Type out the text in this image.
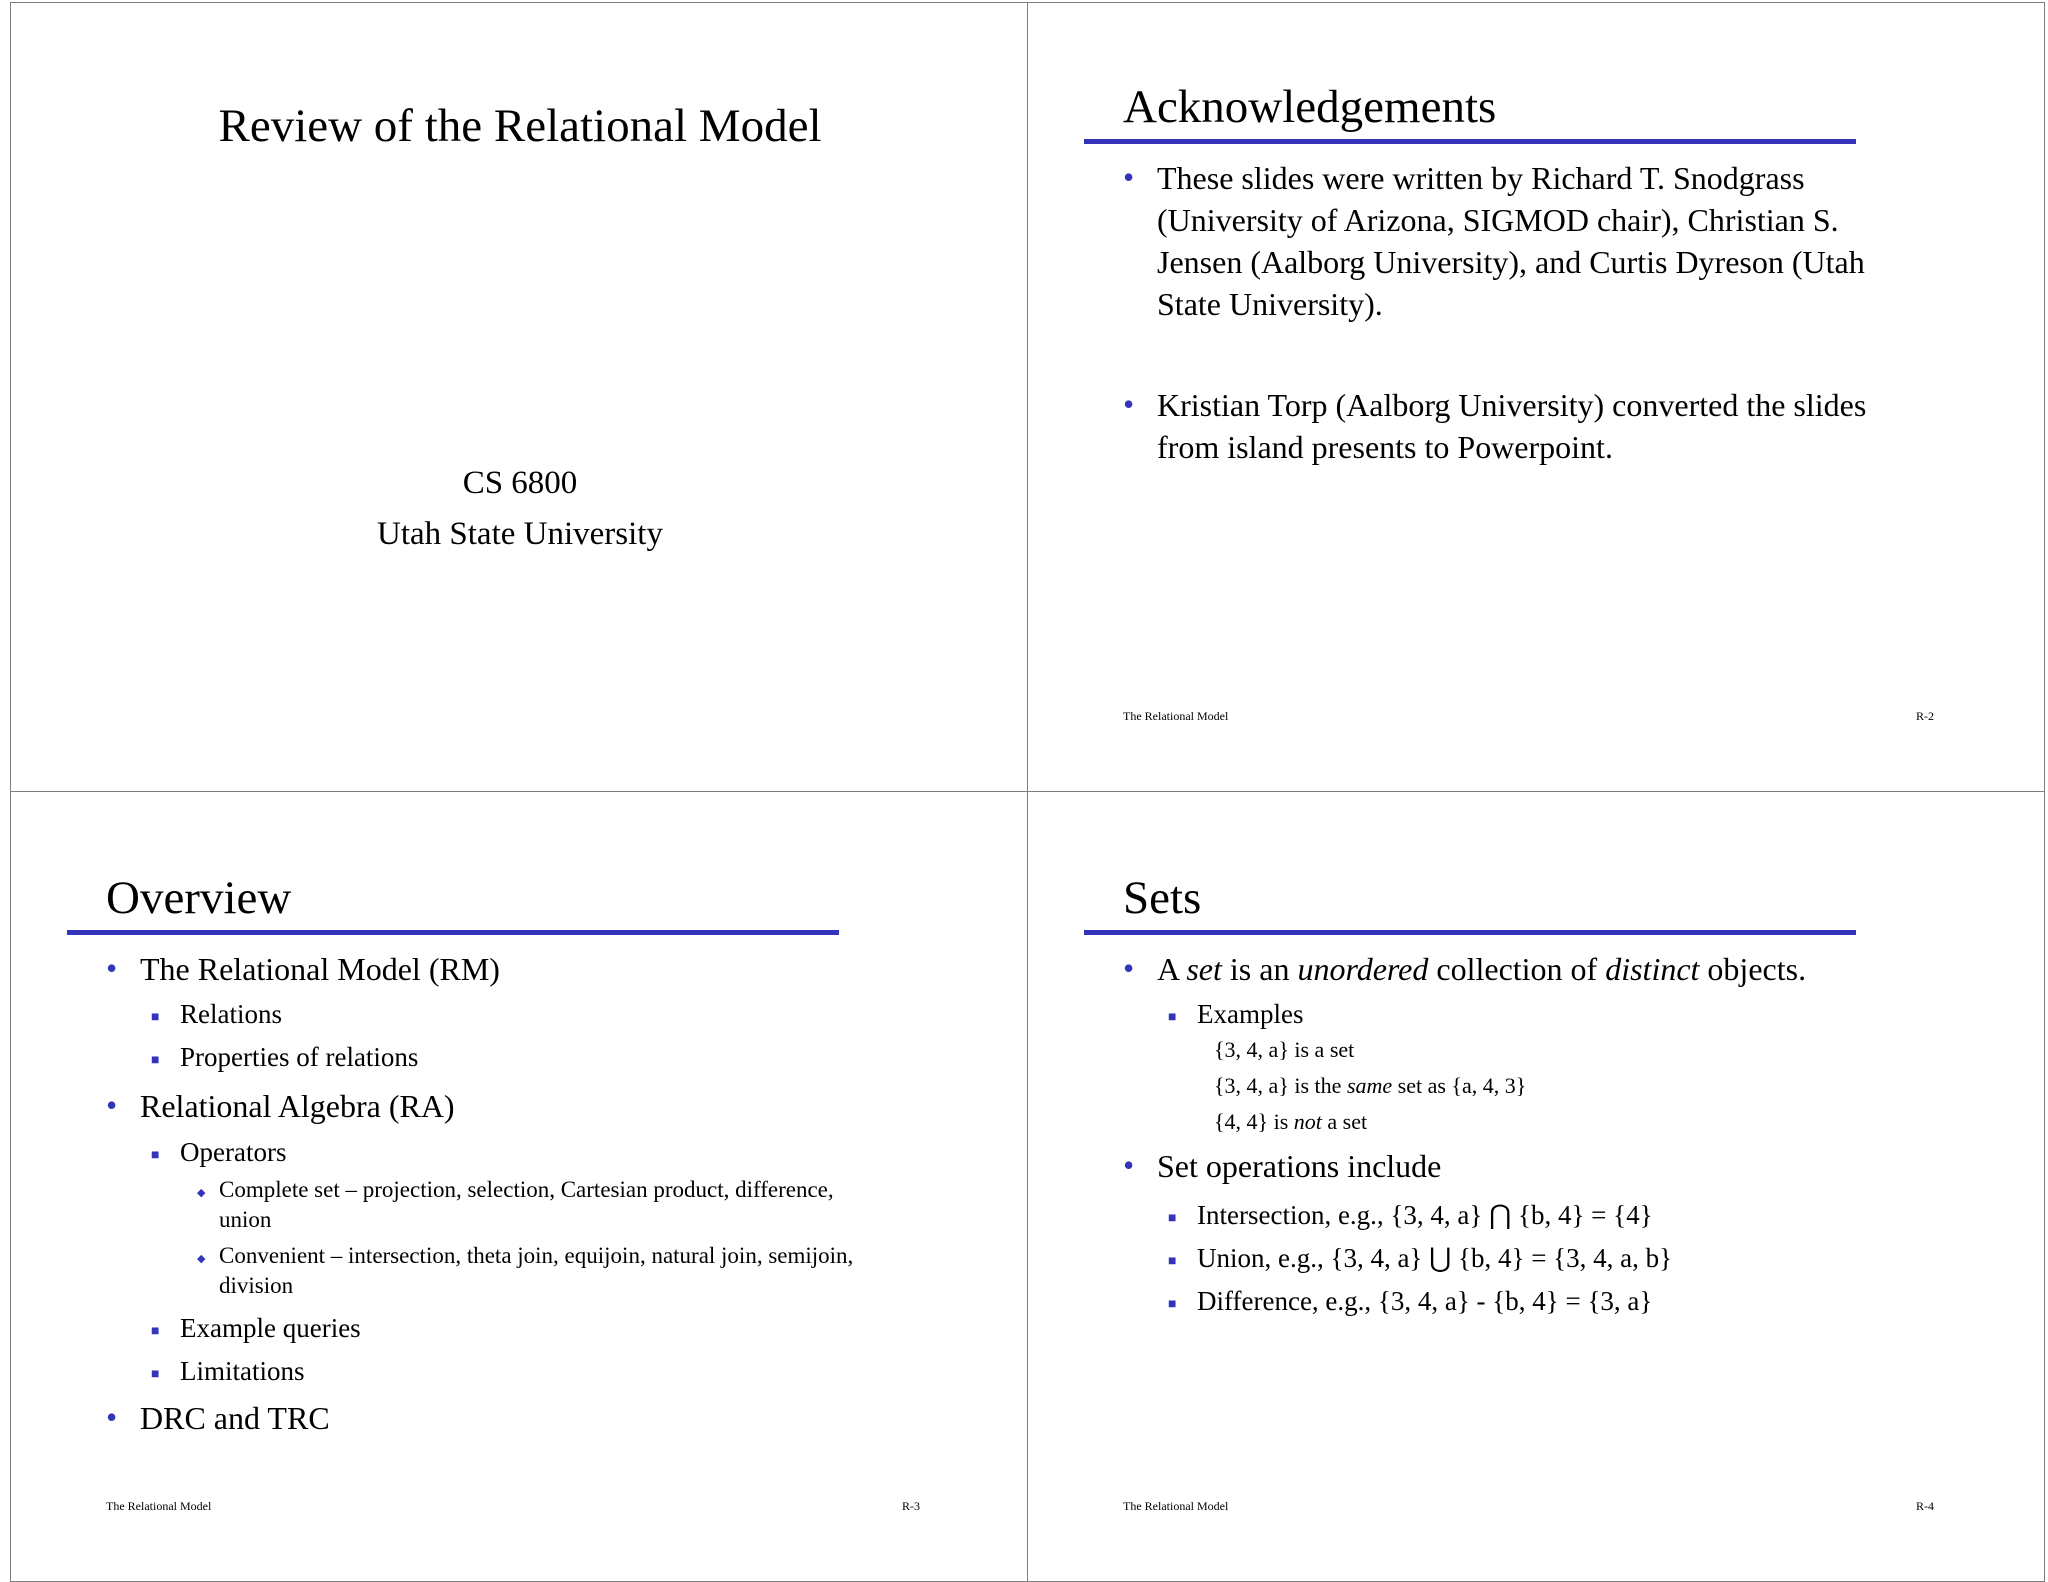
Review of the Relational Model
CS 6800
Utah State University
Acknowledgements
• These slides were written by Richard T. Snodgrass
(University of Arizona, SIGMOD chair), Christian S.
Jensen (Aalborg University), and Curtis Dyreson (Utah
State University).
• Kristian Torp (Aalborg University) converted the slides
from island presents to Powerpoint.
The Relational Model	R-2
Overview
• The Relational Model (RM)
■ Relations
■ Properties of relations
• Relational Algebra (RA)
■ Operators
◆ Complete set – projection, selection, Cartesian product, difference,
union
◆ Convenient – intersection, theta join, equijoin, natural join, semijoin,
division
■ Example queries
■ Limitations
• DRC and TRC
The Relational Model	R-3
Sets
• A set is an unordered collection of distinct objects.
■ Examples
{3, 4, a} is a set
{3, 4, a} is the same set as {a, 4, 3}
{4, 4} is not a set
• Set operations include
■ Intersection, e.g., {3, 4, a} ⋂ {b, 4} = {4}
■ Union, e.g., {3, 4, a} ⋃ {b, 4} = {3, 4, a, b}
■ Difference, e.g., {3, 4, a} - {b, 4} = {3, a}
The Relational Model	R-4
